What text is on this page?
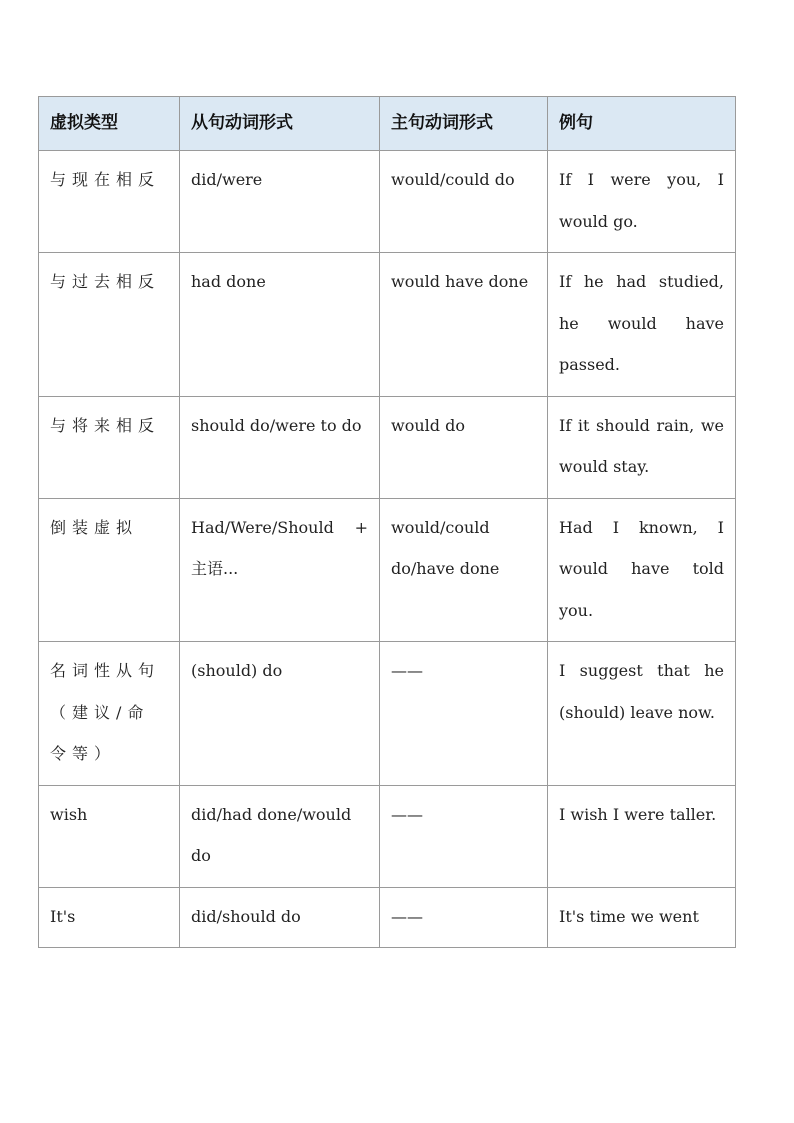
虚拟类型	从句动词形式	主句动词形式	例句
与现在相反	did/were	would/could do	If I were you, I would go.
与过去相反	had done	would have done	If he had studied, he would have passed.
与将来相反	should do/were to do	would do	If it should rain, we would stay.
倒装虚拟	Had/Were/Should + 主语...	would/could do/have done	Had I known, I would have told you.
名词性从句（建议/命令等）	(should) do	——	I suggest that he (should) leave now.
wish	did/had done/would do	——	I wish I were taller.
It's	did/should do	——	It's time we went
